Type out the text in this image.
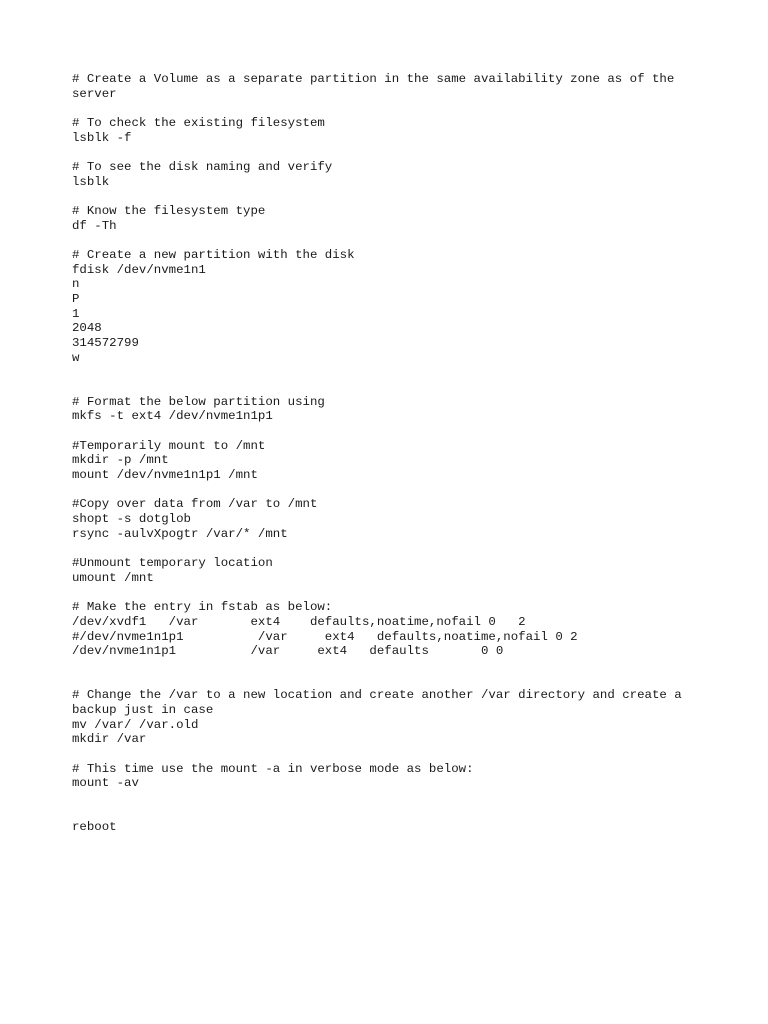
# Create a Volume as a separate partition in the same availability zone as of the
server
# To check the existing filesystem
lsblk -f
# To see the disk naming and verify
lsblk
# Know the filesystem type
df -Th
# Create a new partition with the disk
fdisk /dev/nvme1n1
n
P
1
2048
314572799
w
# Format the below partition using
mkfs -t ext4 /dev/nvme1n1p1
#Temporarily mount to /mnt
mkdir -p /mnt
mount /dev/nvme1n1p1 /mnt
#Copy over data from /var to /mnt
shopt -s dotglob
rsync -aulvXpogtr /var/* /mnt
#Unmount temporary location
umount /mnt
# Make the entry in fstab as below:
/dev/xvdf1   /var       ext4    defaults,noatime,nofail 0   2
#/dev/nvme1n1p1          /var     ext4   defaults,noatime,nofail 0 2
/dev/nvme1n1p1          /var     ext4   defaults       0 0
# Change the /var to a new location and create another /var directory and create a
backup just in case
mv /var/ /var.old
mkdir /var
# This time use the mount -a in verbose mode as below:
mount -av
reboot
